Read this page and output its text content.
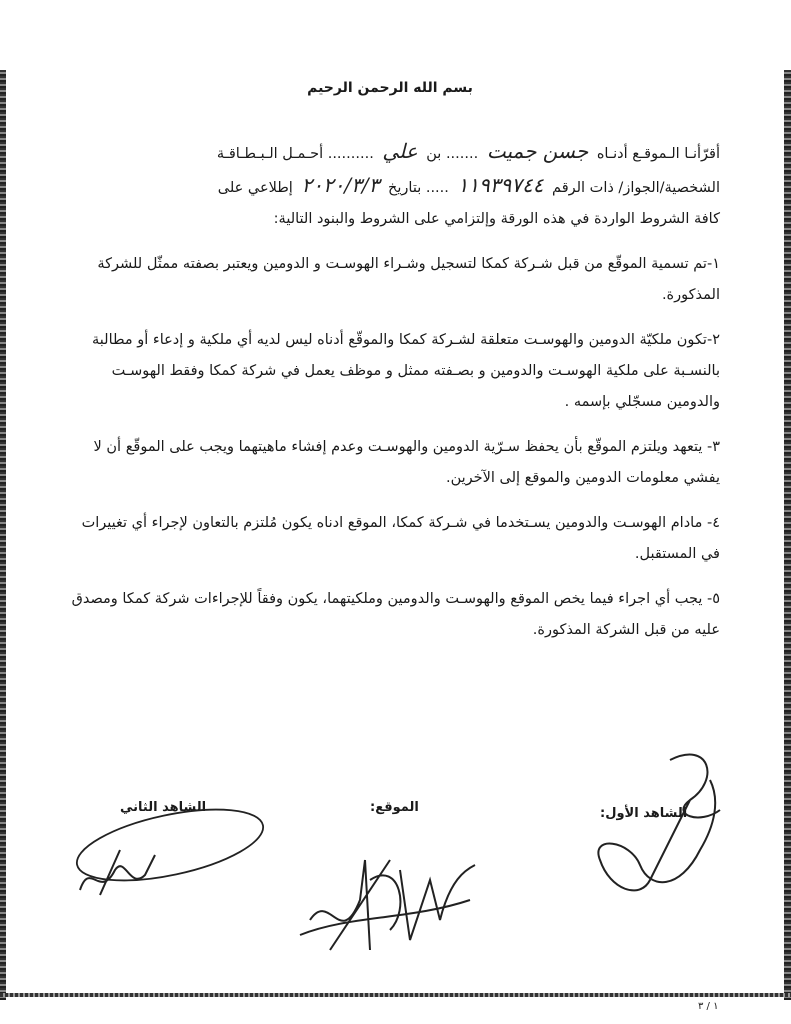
بسم الله الرحمن الرحيم

أقرّأنـا الـموقـع أدنـاه جسن جميت ....... بن علي .......... أحـمـل الـبـطـاقـة

الشخصية/الجواز/ ذات الرقم ١١٩٣٩٧٤٤ ..... بتاريخ ٢٠٢٠/٣/٣ إطلاعي على

كافة الشروط الواردة في هذه الورقة وإلتزامي على الشروط والبنود التالية:

١-تم تسمية الموقّع من قبل شـركة كمكا لتسجيل وشـراء الهوسـت و الدومين ويعتبر بصفته ممثّل للشركة المذكورة.

٢-تكون ملكيّة الدومين والهوسـت متعلقة لشـركة كمكا والموقّع أدناه ليس لديه أي ملكية و إدعاء أو مطالبة بالنسـبة على ملكية الهوسـت والدومين و بصـفته ممثل و موظف يعمل في شركة كمكا وفقط الهوسـت والدومين مسجّلي بإسمه .

٣- يتعهد ويلتزم الموقّع بأن يحفظ سـرّية الدومين والهوسـت وعدم إفشاء ماهيتهما ويجب على الموقّع أن لا يفشي معلومات الدومين والموقع إلى الآخرين.

٤- مادام الهوسـت والدومين يسـتخدما في شـركة كمكا، الموقع ادناه يكون مُلتزم بالتعاون لإجراء أي تغييرات في المستقبل.

٥- يجب أي اجراء فيما يخص الموقع والهوسـت والدومين وملكيتهما، يكون وفقاً للإجراءات شركة كمكا ومصدق عليه من قبل الشركة المذكورة.

الشاهد الأول:
الموقع:
الشاهد الثاني
١ / ٣
